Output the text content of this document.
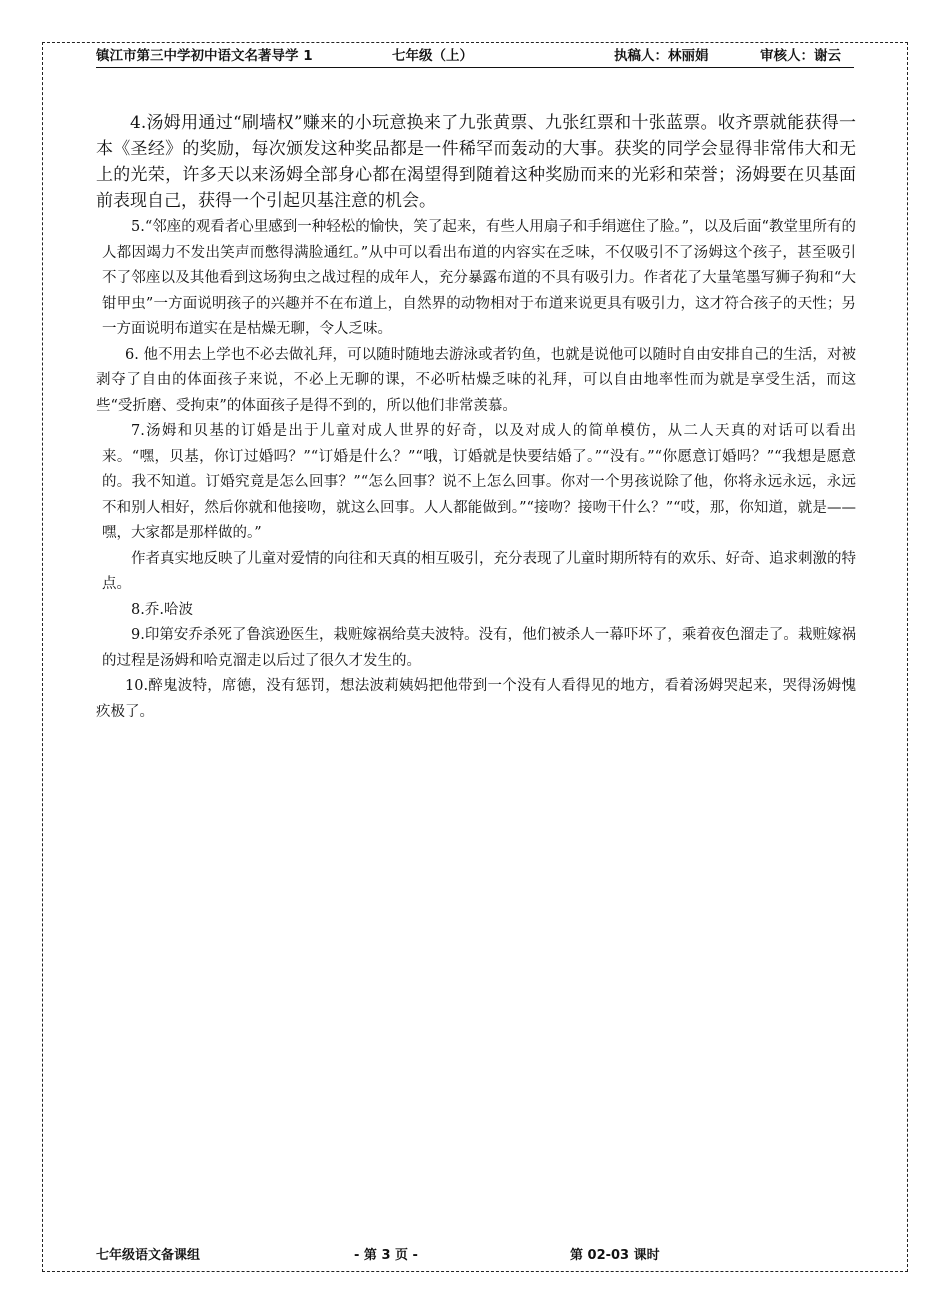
镇江市第三中学初中语文名著导学 1	七年级（上）	执稿人：林丽娟	审核人：谢云

4.汤姆用通过“刷墙权”赚来的小玩意换来了九张黄票、九张红票和十张蓝票。收齐票就能获得一本《圣经》的奖励，每次颁发这种奖品都是一件稀罕而轰动的大事。获奖的同学会显得非常伟大和无上的光荣，许多天以来汤姆全部身心都在渴望得到随着这种奖励而来的光彩和荣誉；汤姆要在贝基面前表现自己，获得一个引起贝基注意的机会。

5.“邻座的观看者心里感到一种轻松的愉快，笑了起来，有些人用扇子和手绢遮住了脸。”，以及后面“教堂里所有的人都因竭力不发出笑声而憋得满脸通红。”从中可以看出布道的内容实在乏味，不仅吸引不了汤姆这个孩子，甚至吸引不了邻座以及其他看到这场狗虫之战过程的成年人，充分暴露布道的不具有吸引力。作者花了大量笔墨写狮子狗和“大钳甲虫”一方面说明孩子的兴趣并不在布道上，自然界的动物相对于布道来说更具有吸引力，这才符合孩子的天性；另一方面说明布道实在是枯燥无聊，令人乏味。

6. 他不用去上学也不必去做礼拜，可以随时随地去游泳或者钓鱼，也就是说他可以随时自由安排自己的生活，对被剥夺了自由的体面孩子来说，不必上无聊的课，不必听枯燥乏味的礼拜，可以自由地率性而为就是享受生活，而这些“受折磨、受拘束”的体面孩子是得不到的，所以他们非常羡慕。

7.汤姆和贝基的订婚是出于儿童对成人世界的好奇，以及对成人的简单模仿，从二人天真的对话可以看出来。“嘿，贝基，你订过婚吗？”“订婚是什么？”“哦，订婚就是快要结婚了。”“没有。”“你愿意订婚吗？”“我想是愿意的。我不知道。订婚究竟是怎么回事？”“怎么回事？说不上怎么回事。你对一个男孩说除了他，你将永远永远，永远不和别人相好，然后你就和他接吻，就这么回事。人人都能做到。”“接吻？接吻干什么？”“哎，那，你知道，就是——嘿，大家都是那样做的。”

作者真实地反映了儿童对爱情的向往和天真的相互吸引，充分表现了儿童时期所特有的欢乐、好奇、追求刺激的特点。

8.乔.哈波

9.印第安乔杀死了鲁滨逊医生，栽赃嫁祸给莫夫波特。没有，他们被杀人一幕吓坏了，乘着夜色溜走了。栽赃嫁祸的过程是汤姆和哈克溜走以后过了很久才发生的。

10.醉鬼波特，席德，没有惩罚，想法波莉姨妈把他带到一个没有人看得见的地方，看着汤姆哭起来，哭得汤姆愧疚极了。

七年级语文备课组	- 第 3 页 -	第 02-03 课时
